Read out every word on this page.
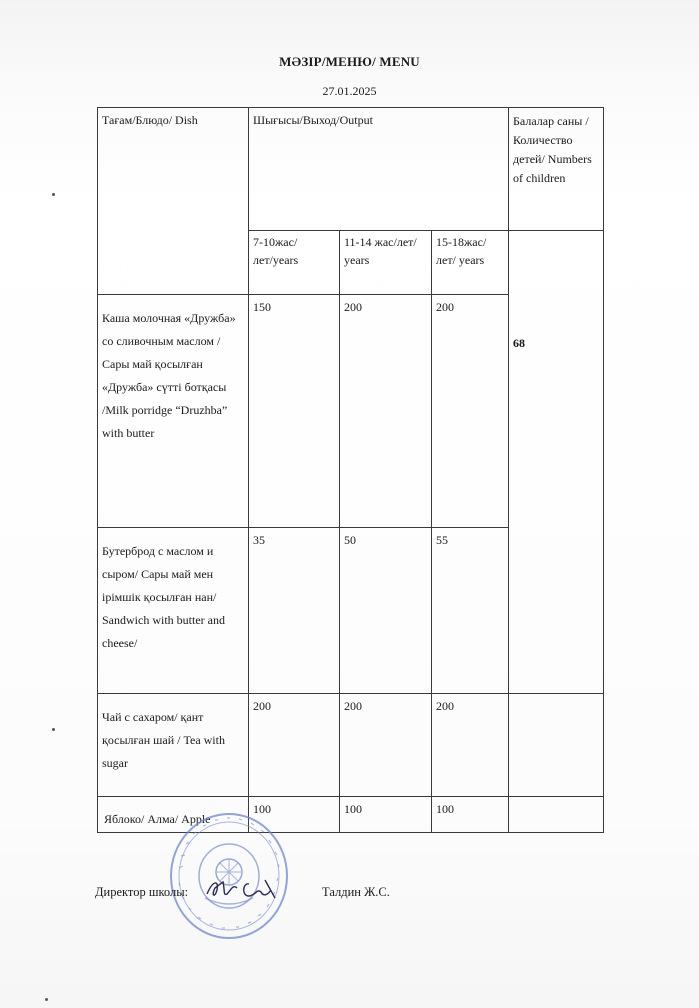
МӘЗІР/МЕНЮ/ MENU
27.01.2025
Тағам/Блюдо/ Dish	Шығысы/Выход/Output			Балалар саны /Количество детей/ Numbers of children
	7-10жас/лет/years	11-14 жас/лет/ years	15-18жас/лет/ years	68
Каша молочная «Дружба» со сливочным маслом / Сары май қосылған «Дружба» сүтті ботқасы /Milk porridge “Druzhba” with butter	150	200	200	
Бутерброд с маслом и сыром/ Сары май мен ірімшік қосылған нан/ Sandwich with butter and cheese/	35	50	55	
Чай с сахаром/ қант қосылған шай / Tea with sugar	200	200	200	
Яблоко/ Алма/ Apple	100	100	100	
Директор школы:	Талдин Ж.С.
